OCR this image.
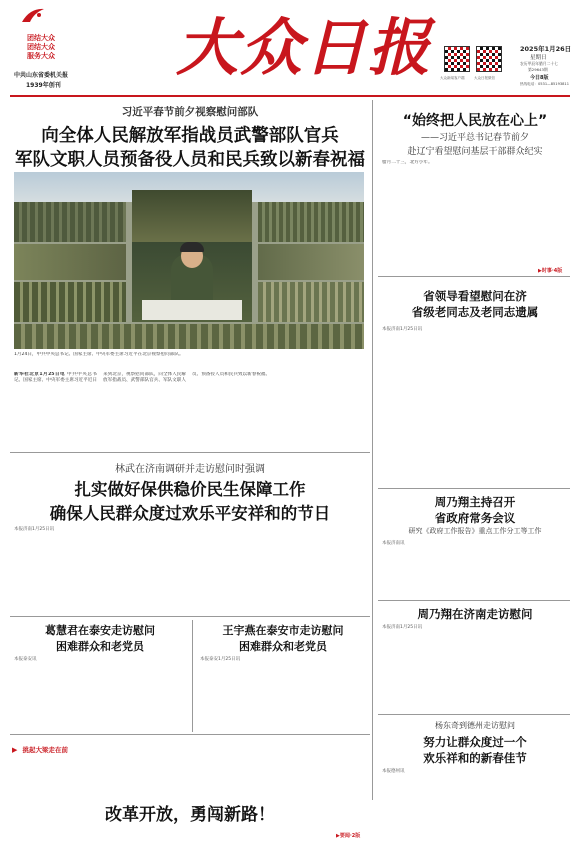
团结大众
团结大众
服务大众
中共山东省委机关报
1939年创刊
大众日报 大众新闻客户端	大众日报微信
2025年1月26日
星期日
农历甲辰年腊月二十七
第29643期
今日8版
热线电话：0531—85193811
习近平春节前夕视察慰问部队
向全体人民解放军指战员武警部队官兵
军队文职人员预备役人员和民兵致以新春祝福
1月24日，中共中央总书记、国家主席、中央军委主席习近平在北京视察慰问部队。
新华社北京1月25日电 中共中央总书记、国家主席、中央军委主席习近平近日来到北京，视察慰问部队，向全体人民解放军指战员、武警部队官兵、军队文职人员、预备役人员和民兵致以新春祝福。
“始终把人民放在心上”
——习近平总书记春节前夕
赴辽宁看望慰问基层干部群众纪实
腊月二十三，北方小年。
▶时事·4版
省领导看望慰问在济
省级老同志及老同志遗属
本报济南1月25日讯
林武在济南调研并走访慰问时强调
扎实做好保供稳价民生保障工作
确保人民群众度过欢乐平安祥和的节日
本报济南1月25日讯
周乃翔主持召开
省政府常务会议
研究《政府工作报告》重点工作分工等工作
本报济南讯
周乃翔在济南走访慰问
本报济南1月25日讯
葛慧君在泰安走访慰问
困难群众和老党员
本报泰安讯
王宇燕在泰安市走访慰问
困难群众和老党员
本报泰安1月25日讯
杨东奇到德州走访慰问
努力让群众度过一个
欢乐祥和的新春佳节
本报德州讯
▶ 挑起大梁走在前
改革开放，勇闯新路！
▶要闻·2版
